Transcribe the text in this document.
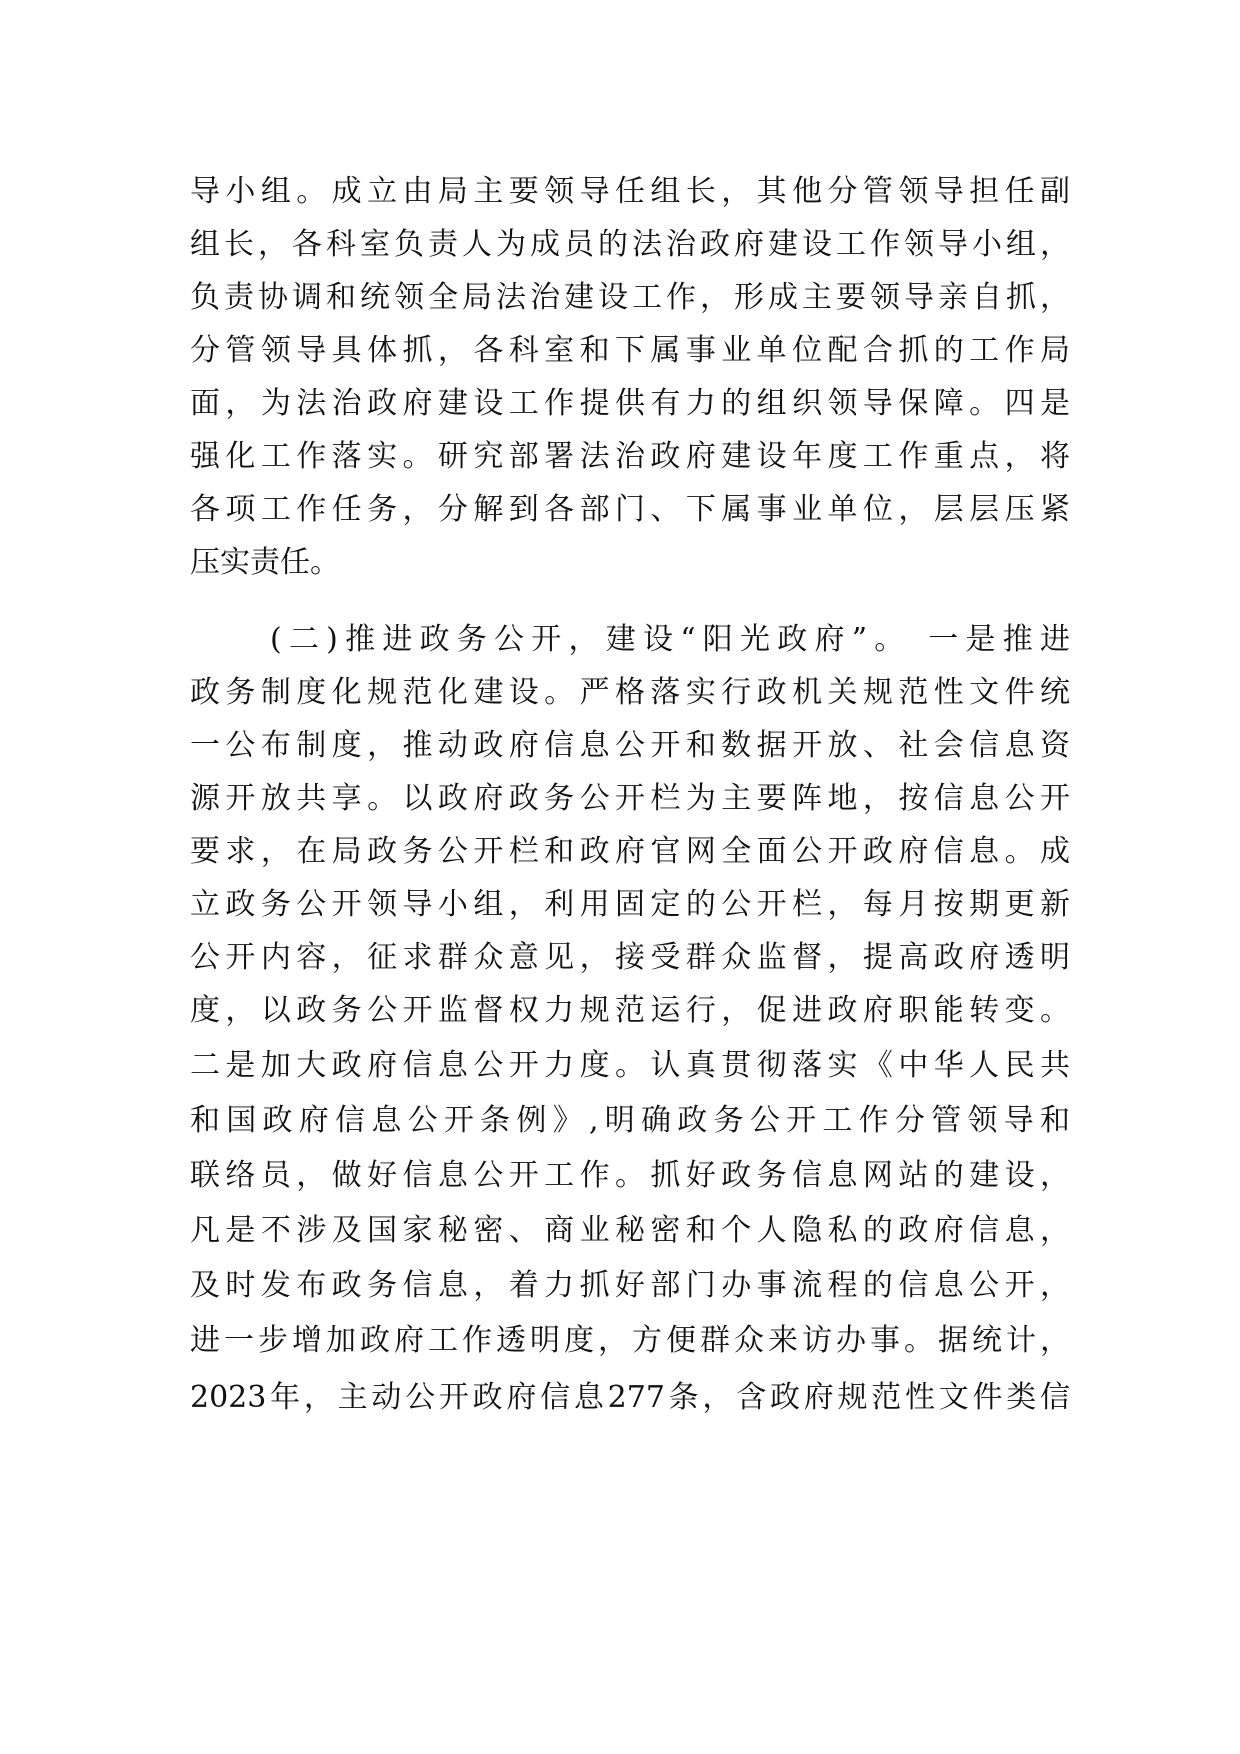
导小组。成立由局主要领导任组长，其他分管领导担任副
组长，各科室负责人为成员的法治政府建设工作领导小组，
负责协调和统领全局法治建设工作，形成主要领导亲自抓，
分管领导具体抓，各科室和下属事业单位配合抓的工作局
面，为法治政府建设工作提供有力的组织领导保障。四是
强化工作落实。研究部署法治政府建设年度工作重点，将
各项工作任务，分解到各部门、下属事业单位，层层压紧
压实责任。
(二)推进政务公开，建设“阳光政府”。 一是推进
政务制度化规范化建设。严格落实行政机关规范性文件统
一公布制度，推动政府信息公开和数据开放、社会信息资
源开放共享。以政府政务公开栏为主要阵地，按信息公开
要求，在局政务公开栏和政府官网全面公开政府信息。成
立政务公开领导小组，利用固定的公开栏，每月按期更新
公开内容，征求群众意见，接受群众监督，提高政府透明
度，以政务公开监督权力规范运行，促进政府职能转变。
二是加大政府信息公开力度。认真贯彻落实《中华人民共
和国政府信息公开条例》,明确政务公开工作分管领导和
联络员，做好信息公开工作。抓好政务信息网站的建设，
凡是不涉及国家秘密、商业秘密和个人隐私的政府信息，
及时发布政务信息，着力抓好部门办事流程的信息公开，
进一步增加政府工作透明度，方便群众来访办事。据统计，
2023年，主动公开政府信息277条，含政府规范性文件类信
